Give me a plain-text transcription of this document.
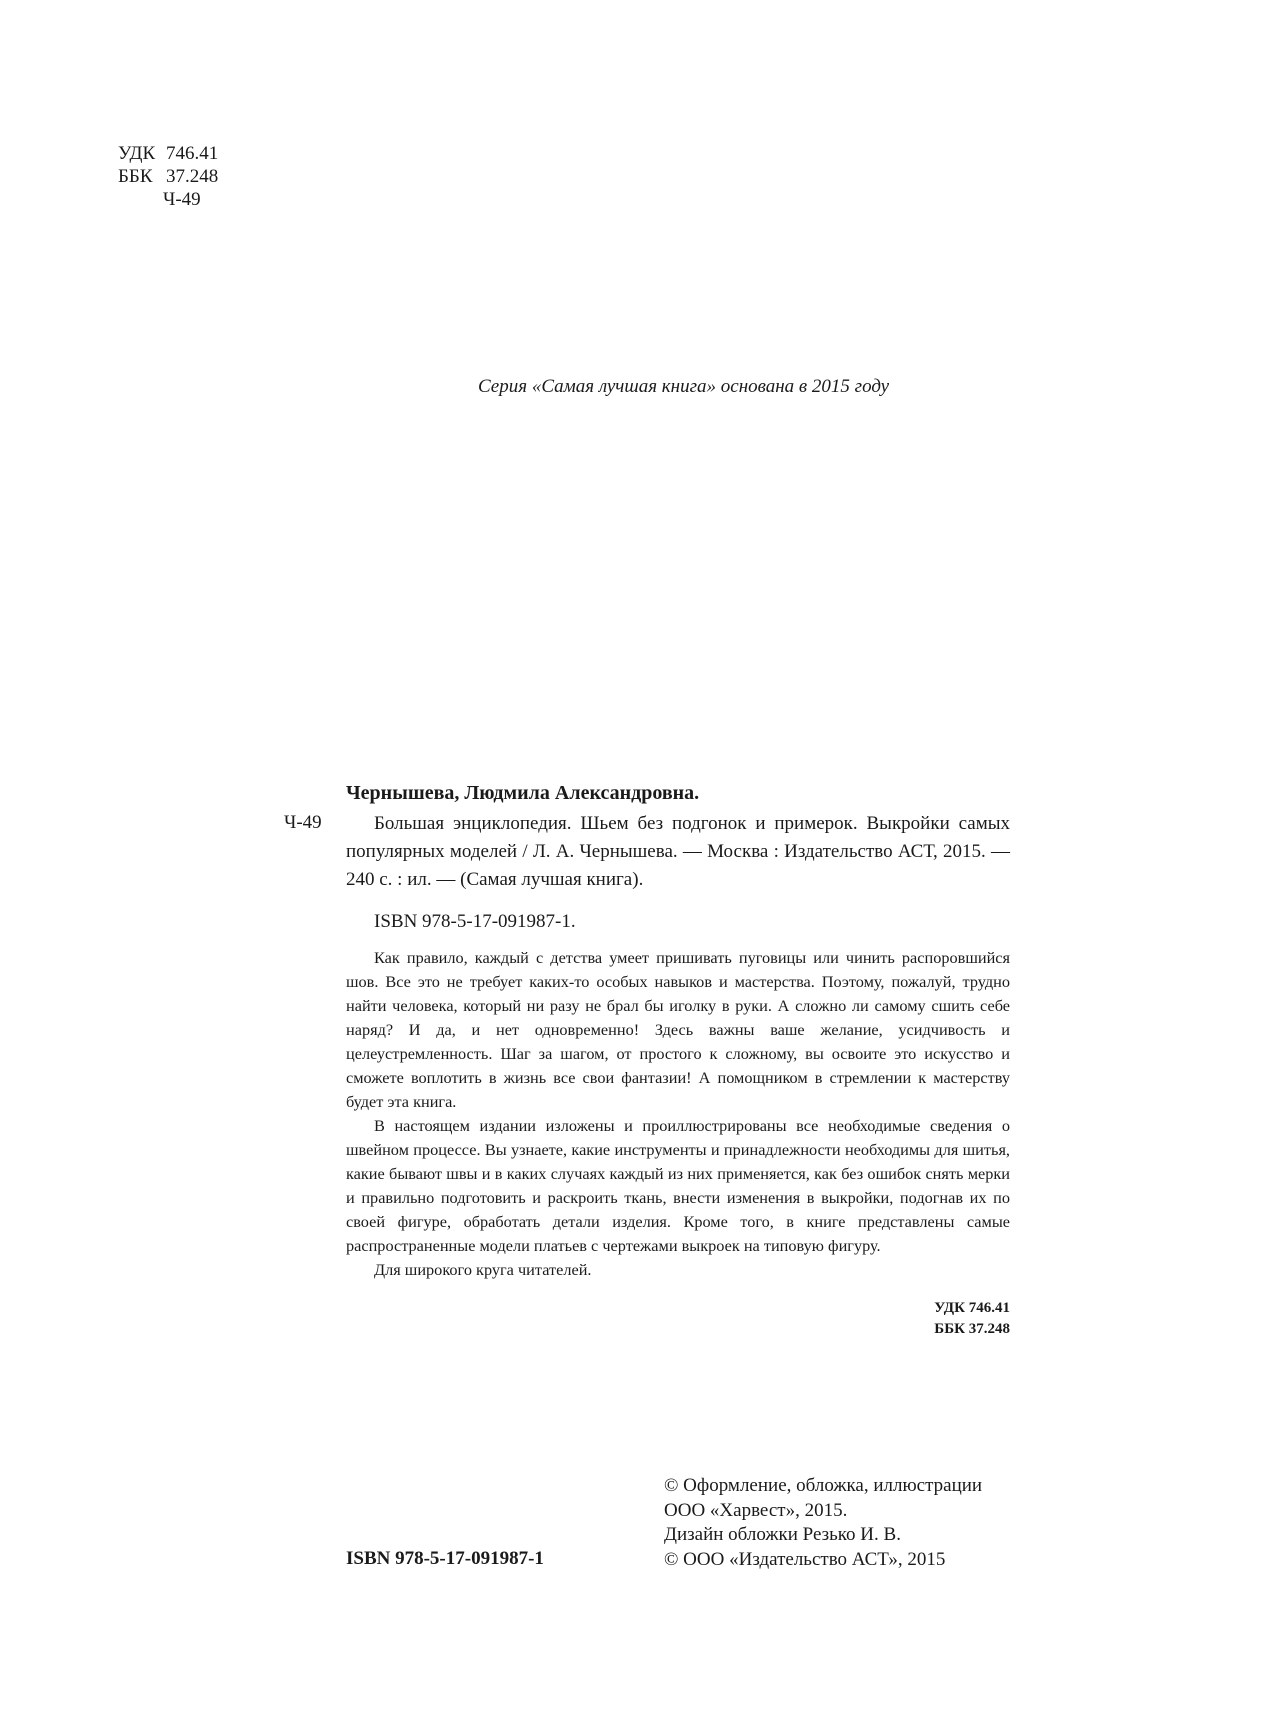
УДК 746.41
ББК 37.248
Ч-49
Серия «Самая лучшая книга» основана в 2015 году
Ч-49
Чернышева, Людмила Александровна.
Большая энциклопедия. Шьем без подгонок и примерок. Выкройки самых популярных моделей / Л. А. Чернышева. — Москва : Издательство АСТ, 2015. — 240 с. : ил. — (Самая лучшая книга).
ISBN 978-5-17-091987-1.

Как правило, каждый с детства умеет пришивать пуговицы или чинить распоровшийся шов. Все это не требует каких-то особых навыков и мастерства. Поэтому, пожалуй, трудно найти человека, который ни разу не брал бы иголку в руки. А сложно ли самому сшить себе наряд? И да, и нет одновременно! Здесь важны ваше желание, усидчивость и целеустремленность. Шаг за шагом, от простого к сложному, вы освоите это искусство и сможете воплотить в жизнь все свои фантазии! А помощником в стремлении к мастерству будет эта книга.

В настоящем издании изложены и проиллюстрированы все необходимые сведения о швейном процессе. Вы узнаете, какие инструменты и принадлежности необходимы для шитья, какие бывают швы и в каких случаях каждый из них применяется, как без ошибок снять мерки и правильно подготовить и раскроить ткань, внести изменения в выкройки, подогнав их по своей фигуре, обработать детали изделия. Кроме того, в книге представлены самые распространенные модели платьев с чертежами выкроек на типовую фигуру.

Для широкого круга читателей.

УДК 746.41
ББК 37.248
ISBN 978-5-17-091987-1
© Оформление, обложка, иллюстрации
ООО «Харвест», 2015.
Дизайн обложки Резько И. В.
© ООО «Издательство АСТ», 2015
